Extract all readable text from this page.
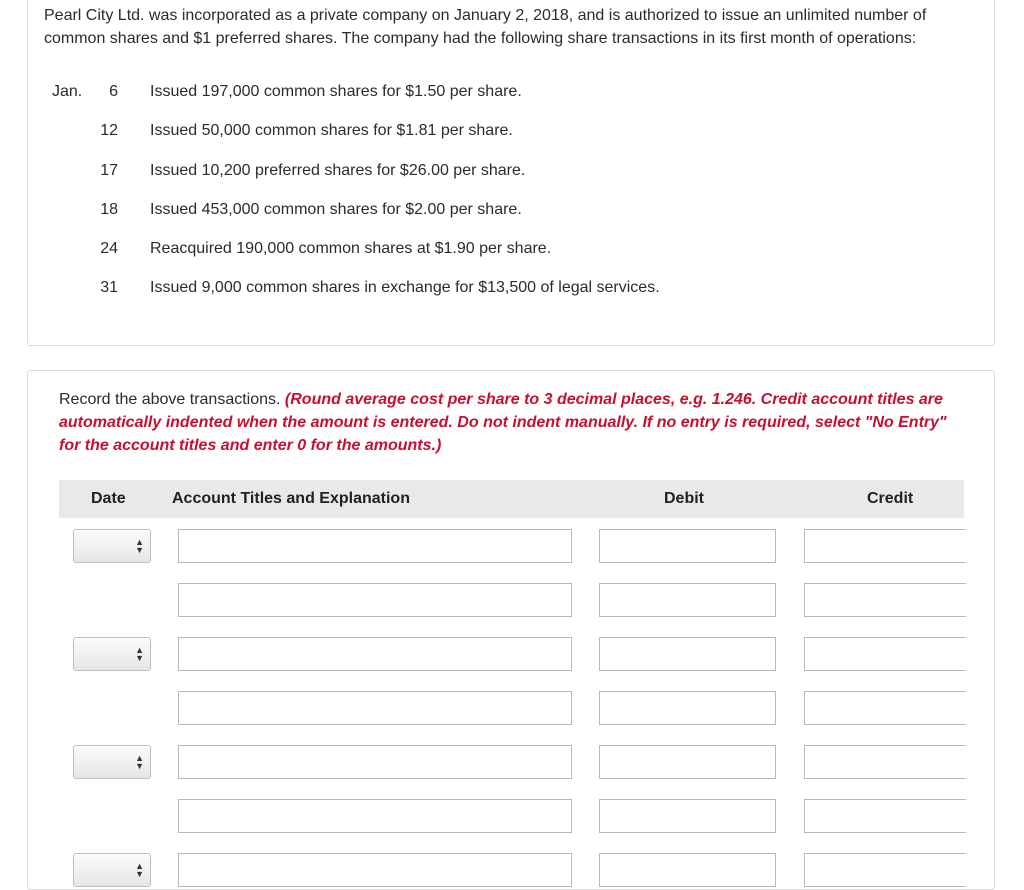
Pearl City Ltd. was incorporated as a private company on January 2, 2018, and is authorized to issue an unlimited number of common shares and $1 preferred shares. The company had the following share transactions in its first month of operations:
Jan.	6 Issued 197,000 common shares for $1.50 per share.
12 Issued 50,000 common shares for $1.81 per share.
17 Issued 10,200 preferred shares for $26.00 per share.
18 Issued 453,000 common shares for $2.00 per share.
24 Reacquired 190,000 common shares at $1.90 per share.
31 Issued 9,000 common shares in exchange for $13,500 of legal services.
Record the above transactions. (Round average cost per share to 3 decimal places, e.g. 1.246. Credit account titles are automatically indented when the amount is entered. Do not indent manually. If no entry is required, select "No Entry" for the account titles and enter 0 for the amounts.)
Date	Account Titles and Explanation	Debit	Credit
▲
▼
▲
▼
▲
▼
▲
▼
